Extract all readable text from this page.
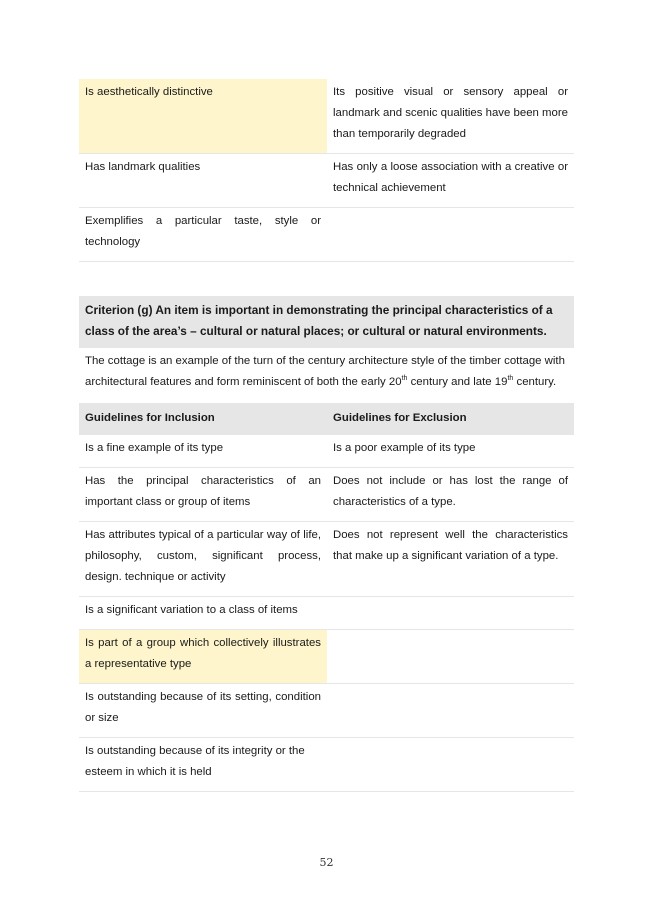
Is aesthetically distinctive	Its positive visual or sensory appeal or landmark and scenic qualities have been more than temporarily degraded
Has landmark qualities	Has only a loose association with a creative or technical achievement
Exemplifies a particular taste, style or technology	
Criterion (g) An item is important in demonstrating the principal characteristics of a class of the area’s – cultural or natural places; or cultural or natural environments.
The cottage is an example of the turn of the century architecture style of the timber cottage with architectural features and form reminiscent of both the early 20th century and late 19th century.
Guidelines for Inclusion	Guidelines for Exclusion
Is a fine example of its type	Is a poor example of its type
Has the principal characteristics of an important class or group of items	Does not include or has lost the range of characteristics of a type.
Has attributes typical of a particular way of life, philosophy, custom, significant process, design. technique or activity	Does not represent well the characteristics that make up a significant variation of a type.
Is a significant variation to a class of items	
Is part of a group which collectively illustrates a representative type	
Is outstanding because of its setting, condition or size	
Is outstanding because of its integrity or the esteem in which it is held	
52
